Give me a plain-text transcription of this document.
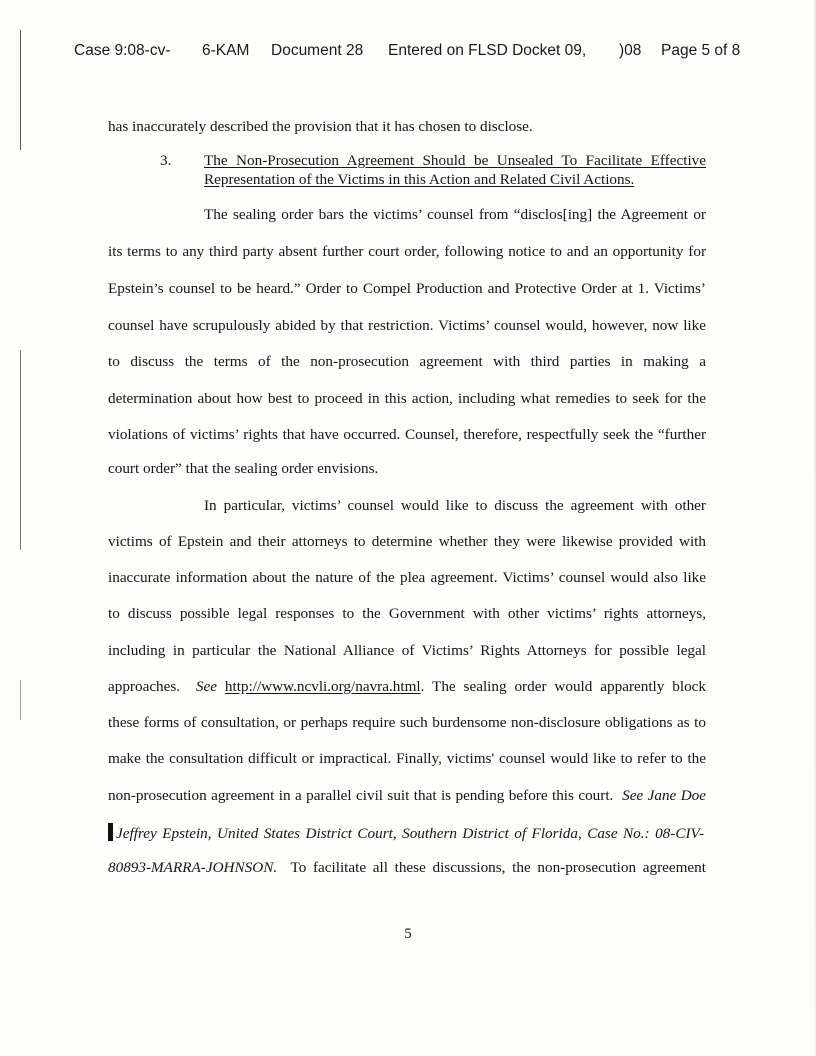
Case 9:08-cv- 6-KAM Document 28 Entered on FLSD Docket 09, )08 Page 5 of 8
has inaccurately described the provision that it has chosen to disclose.
3. The Non-Prosecution Agreement Should be Unsealed To Facilitate Effective
Representation of the Victims in this Action and Related Civil Actions.
The sealing order bars the victims’ counsel from “disclos[ing] the Agreement or
its terms to any third party absent further court order, following notice to and an opportunity for
Epstein’s counsel to be heard.” Order to Compel Production and Protective Order at 1. Victims’
counsel have scrupulously abided by that restriction. Victims’ counsel would, however, now like
to discuss the terms of the non-prosecution agreement with third parties in making a
determination about how best to proceed in this action, including what remedies to seek for the
violations of victims’ rights that have occurred. Counsel, therefore, respectfully seek the “further
court order” that the sealing order envisions.
In particular, victims’ counsel would like to discuss the agreement with other
victims of Epstein and their attorneys to determine whether they were likewise provided with
inaccurate information about the nature of the plea agreement. Victims’ counsel would also like
to discuss possible legal responses to the Government with other victims’ rights attorneys,
including in particular the National Alliance of Victims’ Rights Attorneys for possible legal
approaches. See http://www.ncvli.org/navra.html. The sealing order would apparently block
these forms of consultation, or perhaps require such burdensome non-disclosure obligations as to
make the consultation difficult or impractical. Finally, victims' counsel would like to refer to the
non-prosecution agreement in a parallel civil suit that is pending before this court. See Jane Doe
Jeffrey Epstein, United States District Court, Southern District of Florida, Case No.: 08-CIV-
80893-MARRA-JOHNSON. To facilitate all these discussions, the non-prosecution agreement
5
